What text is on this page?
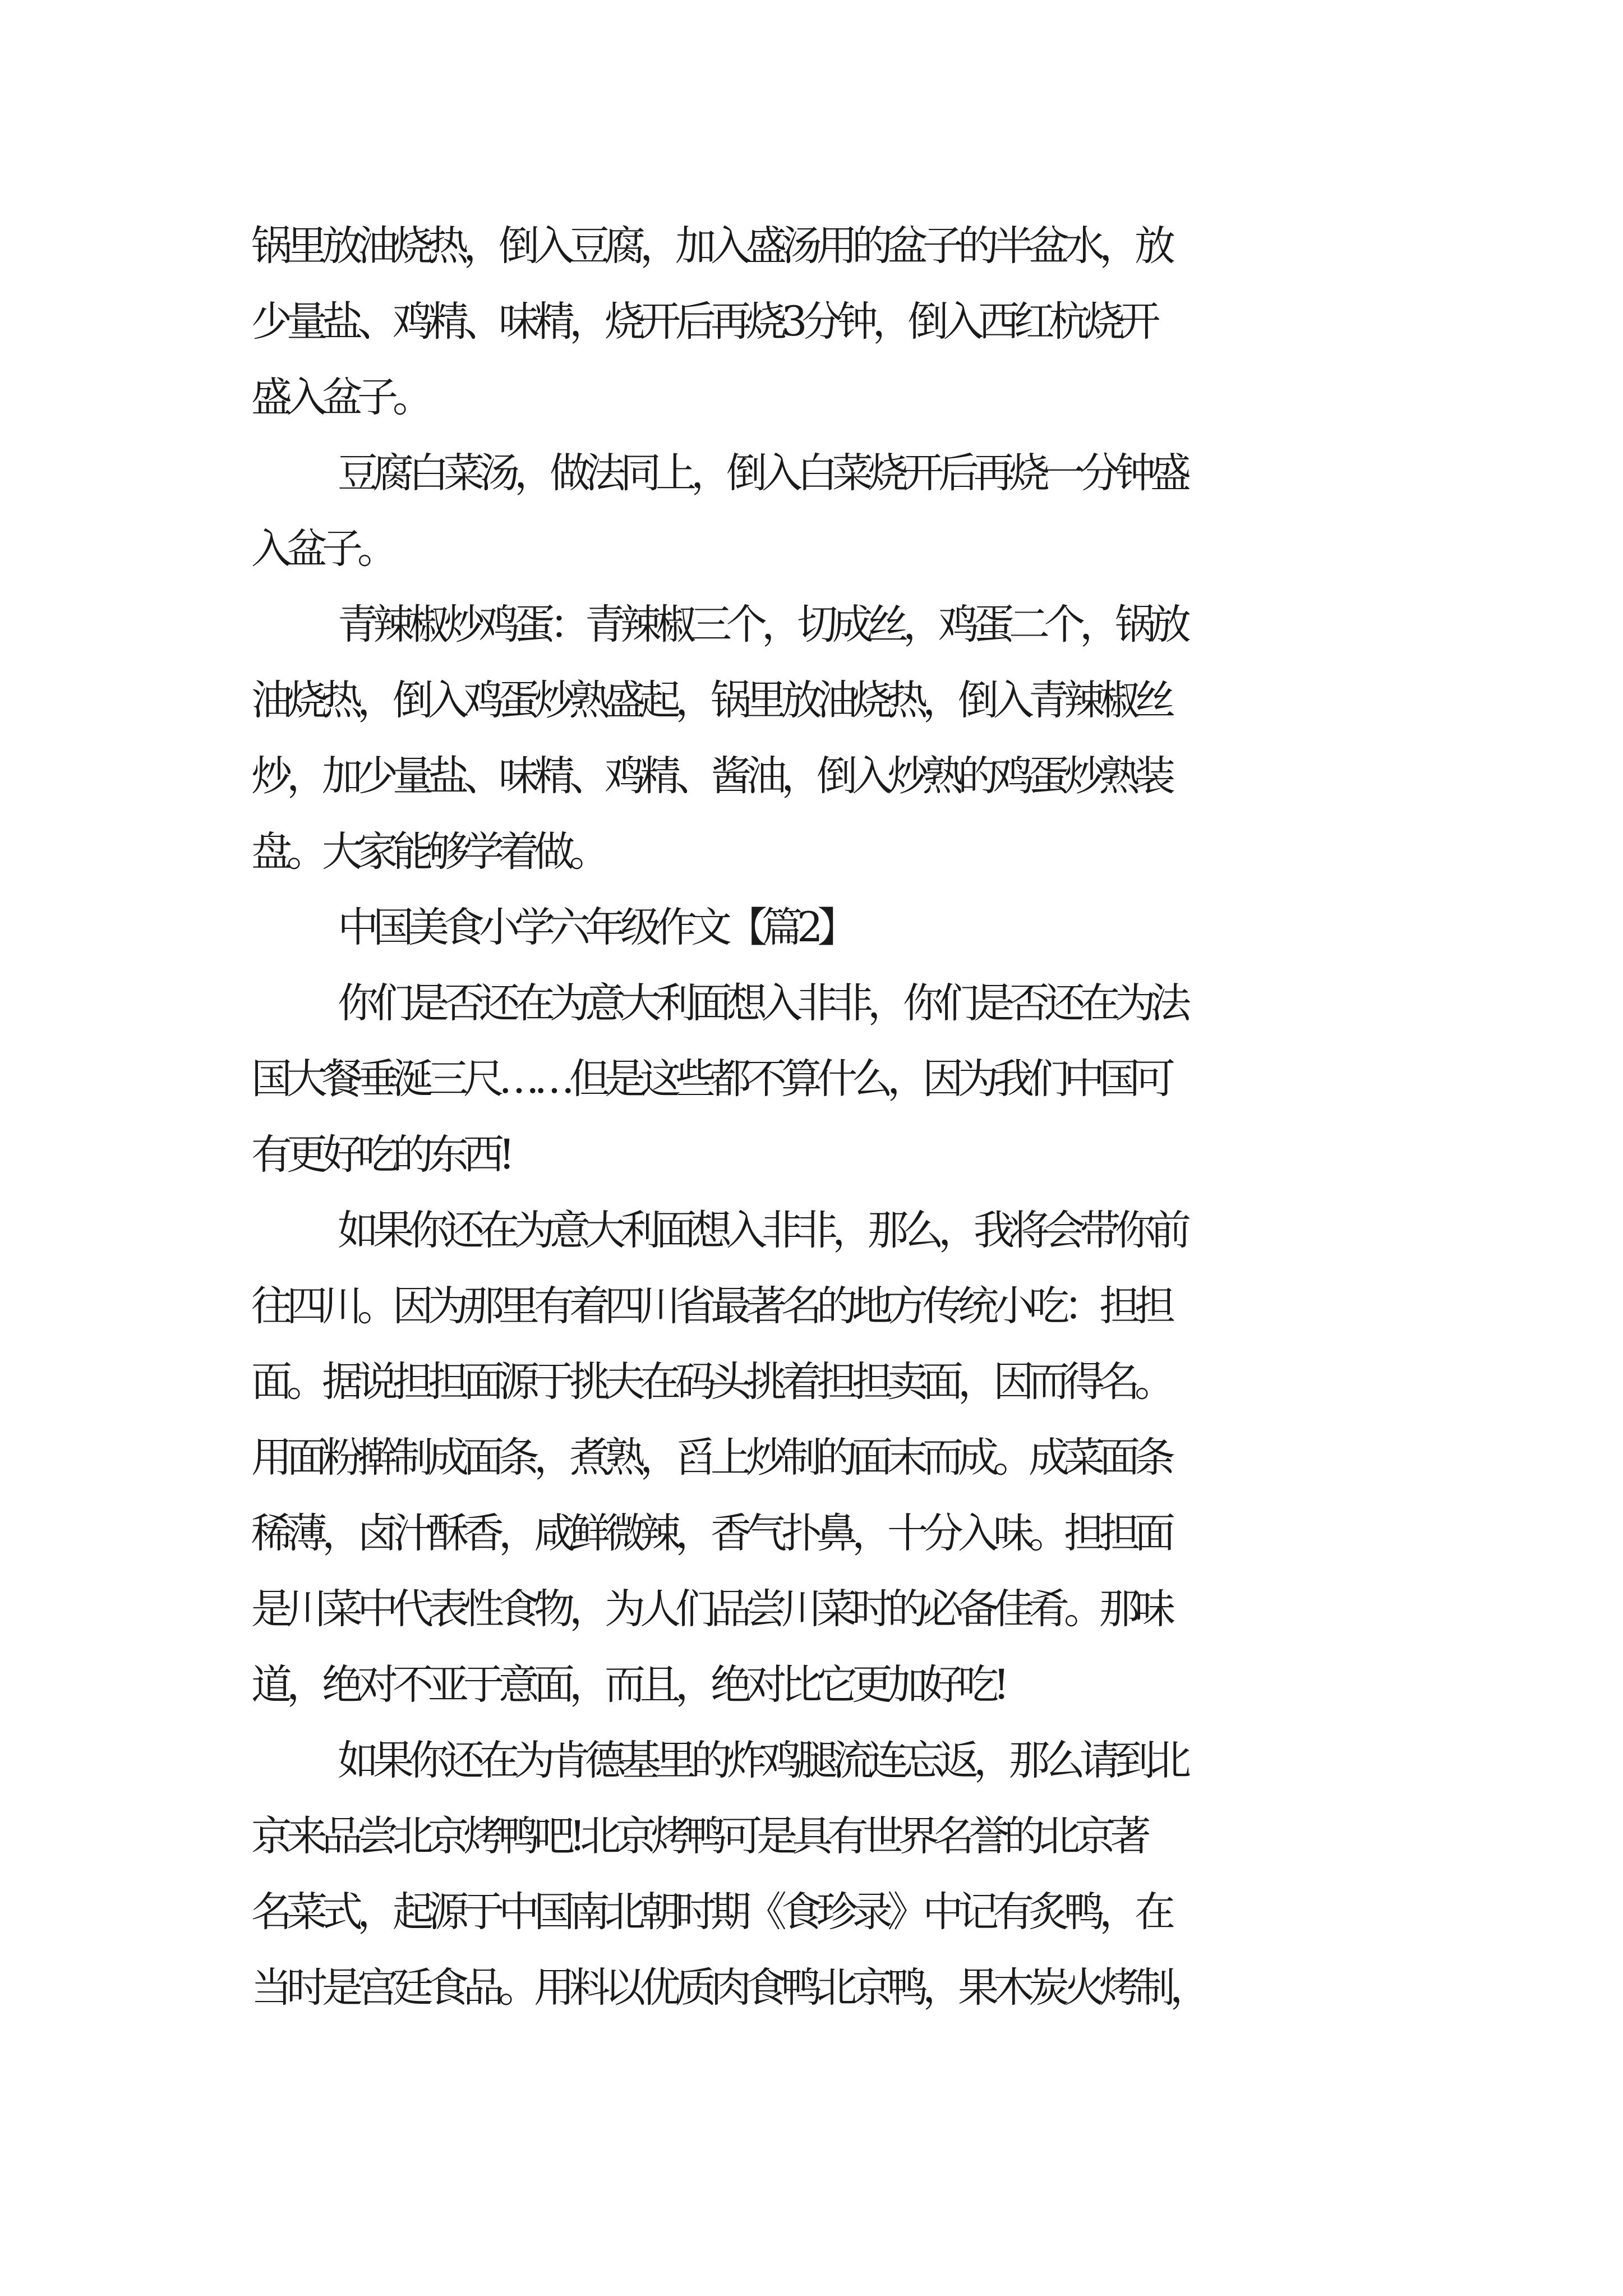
锅里放油烧热，倒入豆腐，加入盛汤用的盆子的半盆水，放
少量盐、鸡精、味精，烧开后再烧3分钟，倒入西红杭烧开
盛入盆子。
豆腐白菜汤，做法同上，倒入白菜烧开后再烧一分钟盛
入盆子。
青辣椒炒鸡蛋：青辣椒三个，切成丝，鸡蛋二个，锅放
油烧热，倒入鸡蛋炒熟盛起，锅里放油烧热，倒入青辣椒丝
炒，加少量盐、味精、鸡精、酱油，倒入炒熟的鸡蛋炒熟装
盘。大家能够学着做。
中国美食小学六年级作文【篇2】
你们是否还在为意大利面想入非非，你们是否还在为法
国大餐垂涎三尺……但是这些都不算什么，因为我们中国可
有更好吃的东西!
如果你还在为意大利面想入非非，那么，我将会带你前
往四川。因为那里有着四川省最著名的地方传统小吃：担担
面。据说担担面源于挑夫在码头挑着担担卖面，因而得名。
用面粉擀制成面条，煮熟，舀上炒制的面末而成。成菜面条
稀薄，卤汁酥香，咸鲜微辣，香气扑鼻，十分入味。担担面
是川菜中代表性食物，为人们品尝川菜时的必备佳肴。那味
道，绝对不亚于意面，而且，绝对比它更加好吃!
如果你还在为肯德基里的炸鸡腿流连忘返，那么请到北
京来品尝北京烤鸭吧!北京烤鸭可是具有世界名誉的北京著
名菜式，起源于中国南北朝时期《食珍录》中记有炙鸭，在
当时是宫廷食品。用料以优质肉食鸭北京鸭，果木炭火烤制，
